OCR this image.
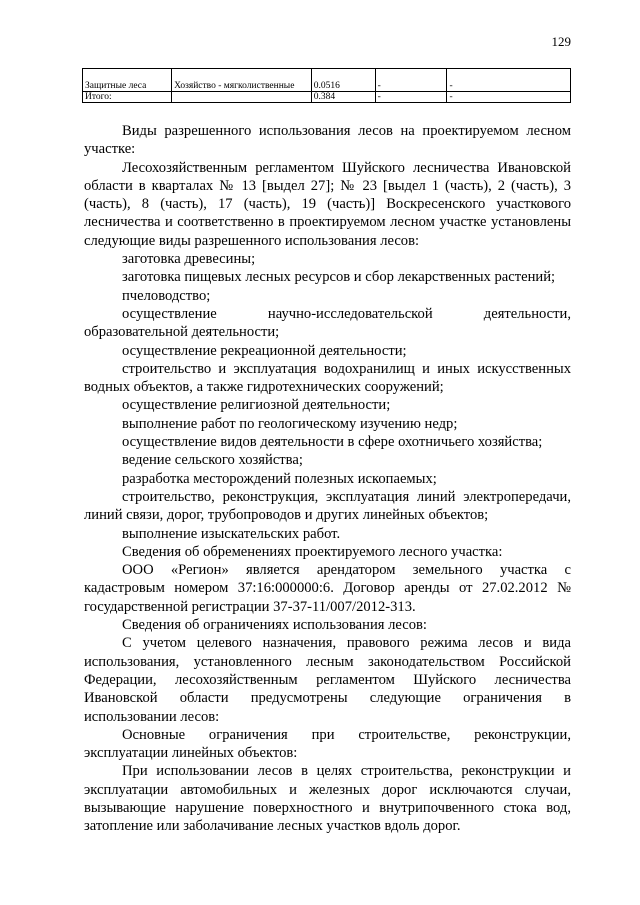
129
Защитные леса	Хозяйство - мягколиственные	0.0516	-	-
Итого:		0.384	-	-

Виды разрешенного использования лесов на проектируемом лесном участке:

Лесохозяйственным регламентом Шуйского лесничества Ивановской области в кварталах № 13 [выдел 27]; № 23 [выдел 1 (часть), 2 (часть), 3 (часть), 8 (часть), 17 (часть), 19 (часть)] Воскресенского участкового лесничества и соответственно в проектируемом лесном участке установлены следующие виды разрешенного использования лесов:

заготовка древесины;

заготовка пищевых лесных ресурсов и сбор лекарственных растений;

пчеловодство;

осуществление научно-исследовательской деятельности, образовательной деятельности;

осуществление рекреационной деятельности;

строительство и эксплуатация водохранилищ и иных искусственных водных объектов, а также гидротехнических сооружений;

осуществление религиозной деятельности;

выполнение работ по геологическому изучению недр;

осуществление видов деятельности в сфере охотничьего хозяйства;

ведение сельского хозяйства;

разработка месторождений полезных ископаемых;

строительство, реконструкция, эксплуатация линий электропередачи, линий связи, дорог, трубопроводов и других линейных объектов;

выполнение изыскательских работ.

Сведения об обременениях проектируемого лесного участка:

ООО «Регион» является арендатором земельного участка с кадастровым номером 37:16:000000:6. Договор аренды от 27.02.2012 № государственной регистрации 37-37-11/007/2012-313.

Сведения об ограничениях использования лесов:

С учетом целевого назначения, правового режима лесов и вида использования, установленного лесным законодательством Российской Федерации, лесохозяйственным регламентом Шуйского лесничества Ивановской области предусмотрены следующие ограничения в использовании лесов:

Основные ограничения при строительстве, реконструкции, эксплуатации линейных объектов:

При использовании лесов в целях строительства, реконструкции и эксплуатации автомобильных и железных дорог исключаются случаи, вызывающие нарушение поверхностного и внутрипочвенного стока вод, затопление или заболачивание лесных участков вдоль дорог.
